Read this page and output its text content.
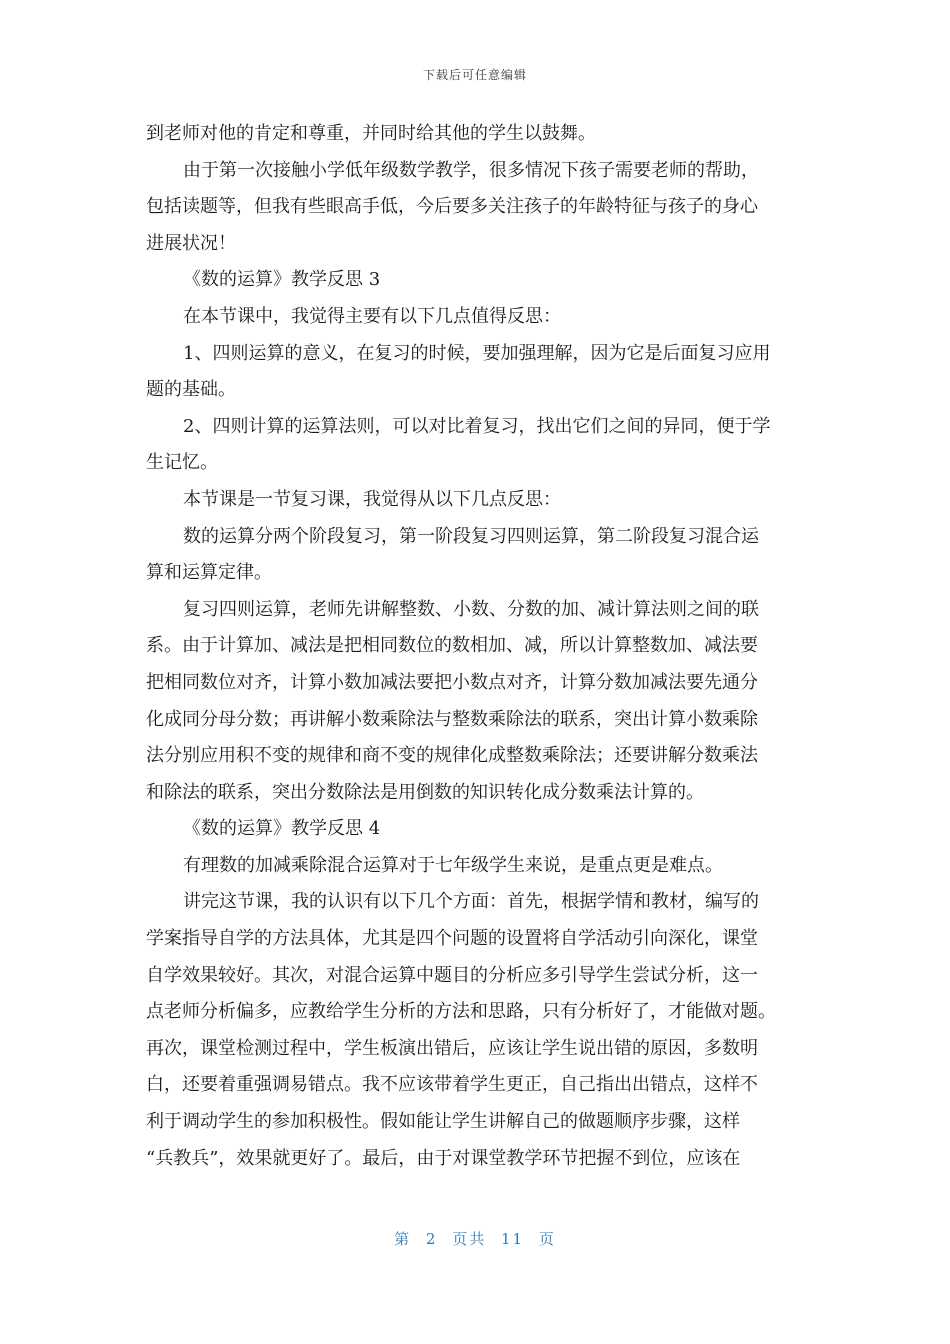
下载后可任意编辑

到老师对他的肯定和尊重，并同时给其他的学生以鼓舞。

由于第一次接触小学低年级数学教学，很多情况下孩子需要老师的帮助，

包括读题等，但我有些眼高手低，今后要多关注孩子的年龄特征与孩子的身心

进展状况！

《数的运算》教学反思 3

在本节课中，我觉得主要有以下几点值得反思：

1、四则运算的意义，在复习的时候，要加强理解，因为它是后面复习应用

题的基础。

2、四则计算的运算法则，可以对比着复习，找出它们之间的异同，便于学

生记忆。

本节课是一节复习课，我觉得从以下几点反思：

数的运算分两个阶段复习，第一阶段复习四则运算，第二阶段复习混合运

算和运算定律。

复习四则运算，老师先讲解整数、小数、分数的加、减计算法则之间的联

系。由于计算加、减法是把相同数位的数相加、减，所以计算整数加、减法要

把相同数位对齐，计算小数加减法要把小数点对齐，计算分数加减法要先通分

化成同分母分数；再讲解小数乘除法与整数乘除法的联系，突出计算小数乘除

法分别应用积不变的规律和商不变的规律化成整数乘除法；还要讲解分数乘法

和除法的联系，突出分数除法是用倒数的知识转化成分数乘法计算的。

《数的运算》教学反思 4

有理数的加减乘除混合运算对于七年级学生来说，是重点更是难点。

讲完这节课，我的认识有以下几个方面：首先，根据学情和教材，编写的

学案指导自学的方法具体，尤其是四个问题的设置将自学活动引向深化，课堂

自学效果较好。其次，对混合运算中题目的分析应多引导学生尝试分析，这一

点老师分析偏多，应教给学生分析的方法和思路，只有分析好了，才能做对题。

再次，课堂检测过程中，学生板演出错后，应该让学生说出错的原因，多数明

白，还要着重强调易错点。我不应该带着学生更正，自己指出出错点，这样不

利于调动学生的参加积极性。假如能让学生讲解自己的做题顺序步骤，这样

“兵教兵”，效果就更好了。最后，由于对课堂教学环节把握不到位，应该在

第 2 页共 11 页
